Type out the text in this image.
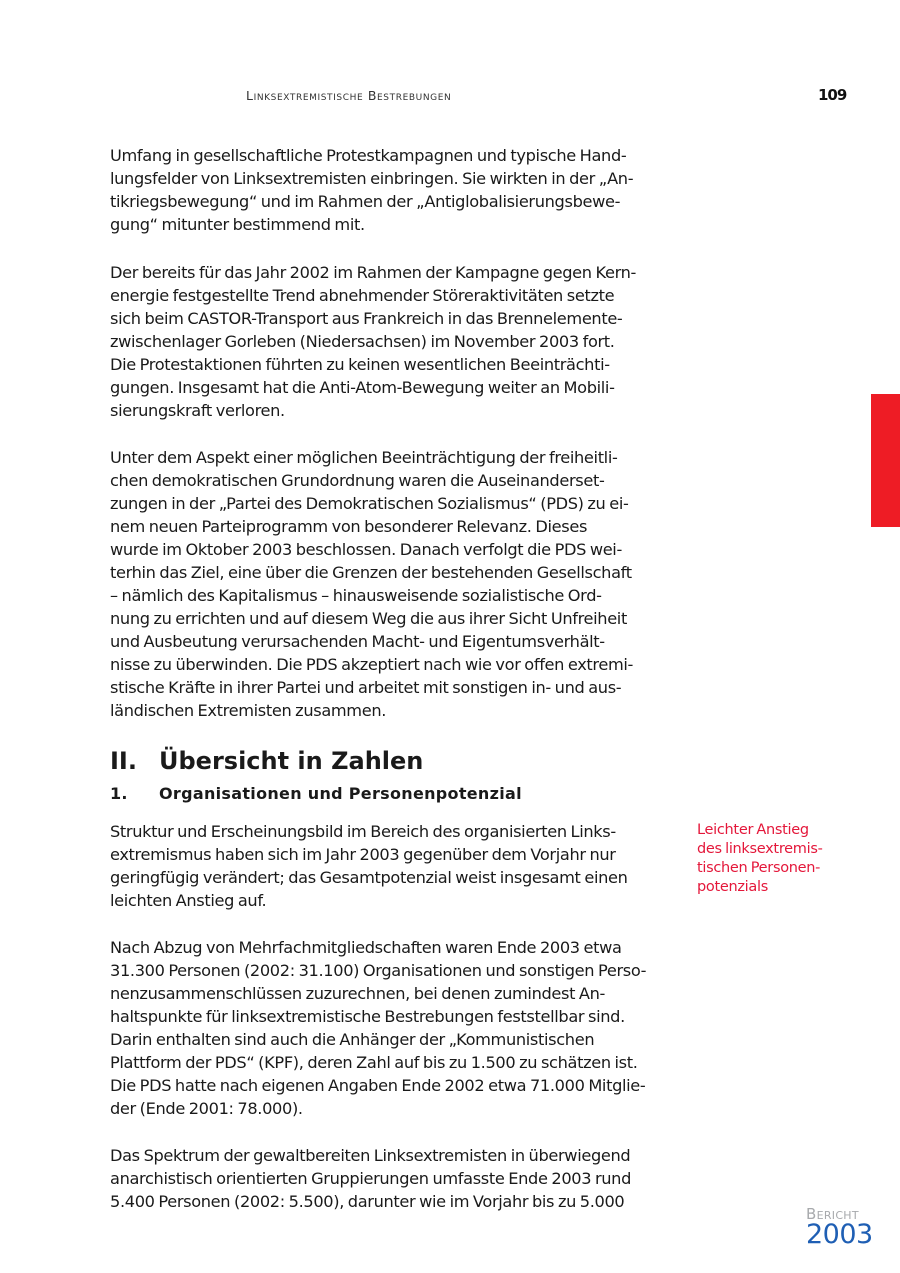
Linksextremistische Bestrebungen	109

Umfang in gesellschaftliche Protestkampagnen und typische Hand-
lungsfelder von Linksextremisten einbringen. Sie wirkten in der „An-
tikriegsbewegung“ und im Rahmen der „Antiglobalisierungsbewe-
gung“ mitunter bestimmend mit.

Der bereits für das Jahr 2002 im Rahmen der Kampagne gegen Kern-
energie festgestellte Trend abnehmender Störeraktivitäten setzte
sich beim CASTOR-Transport aus Frankreich in das Brennelemente-
zwischenlager Gorleben (Niedersachsen) im November 2003 fort.
Die Protestaktionen führten zu keinen wesentlichen Beeinträchti-
gungen. Insgesamt hat die Anti-Atom-Bewegung weiter an Mobili-
sierungskraft verloren.

Unter dem Aspekt einer möglichen Beeinträchtigung der freiheitli-
chen demokratischen Grundordnung waren die Auseinanderset-
zungen in der „Partei des Demokratischen Sozialismus“ (PDS) zu ei-
nem neuen Parteiprogramm von besonderer Relevanz. Dieses
wurde im Oktober 2003 beschlossen. Danach verfolgt die PDS wei-
terhin das Ziel, eine über die Grenzen der bestehenden Gesellschaft
– nämlich des Kapitalismus – hinausweisende sozialistische Ord-
nung zu errichten und auf diesem Weg die aus ihrer Sicht Unfreiheit
und Ausbeutung verursachenden Macht- und Eigentumsverhält-
nisse zu überwinden. Die PDS akzeptiert nach wie vor offen extremi-
stische Kräfte in ihrer Partei und arbeitet mit sonstigen in- und aus-
ländischen Extremisten zusammen.

II. Übersicht in Zahlen
1. Organisationen und Personenpotenzial

Struktur und Erscheinungsbild im Bereich des organisierten Links-
extremismus haben sich im Jahr 2003 gegenüber dem Vorjahr nur
geringfügig verändert; das Gesamtpotenzial weist insgesamt einen
leichten Anstieg auf.

Nach Abzug von Mehrfachmitgliedschaften waren Ende 2003 etwa
31.300 Personen (2002: 31.100) Organisationen und sonstigen Perso-
nenzusammenschlüssen zuzurechnen, bei denen zumindest An-
haltspunkte für linksextremistische Bestrebungen feststellbar sind.
Darin enthalten sind auch die Anhänger der „Kommunistischen
Plattform der PDS“ (KPF), deren Zahl auf bis zu 1.500 zu schätzen ist.
Die PDS hatte nach eigenen Angaben Ende 2002 etwa 71.000 Mitglie-
der (Ende 2001: 78.000).

Das Spektrum der gewaltbereiten Linksextremisten in überwiegend
anarchistisch orientierten Gruppierungen umfasste Ende 2003 rund
5.400 Personen (2002: 5.500), darunter wie im Vorjahr bis zu 5.000

Leichter Anstieg
des linksextremis-
tischen Personen-
potenzials
Bericht
2003
